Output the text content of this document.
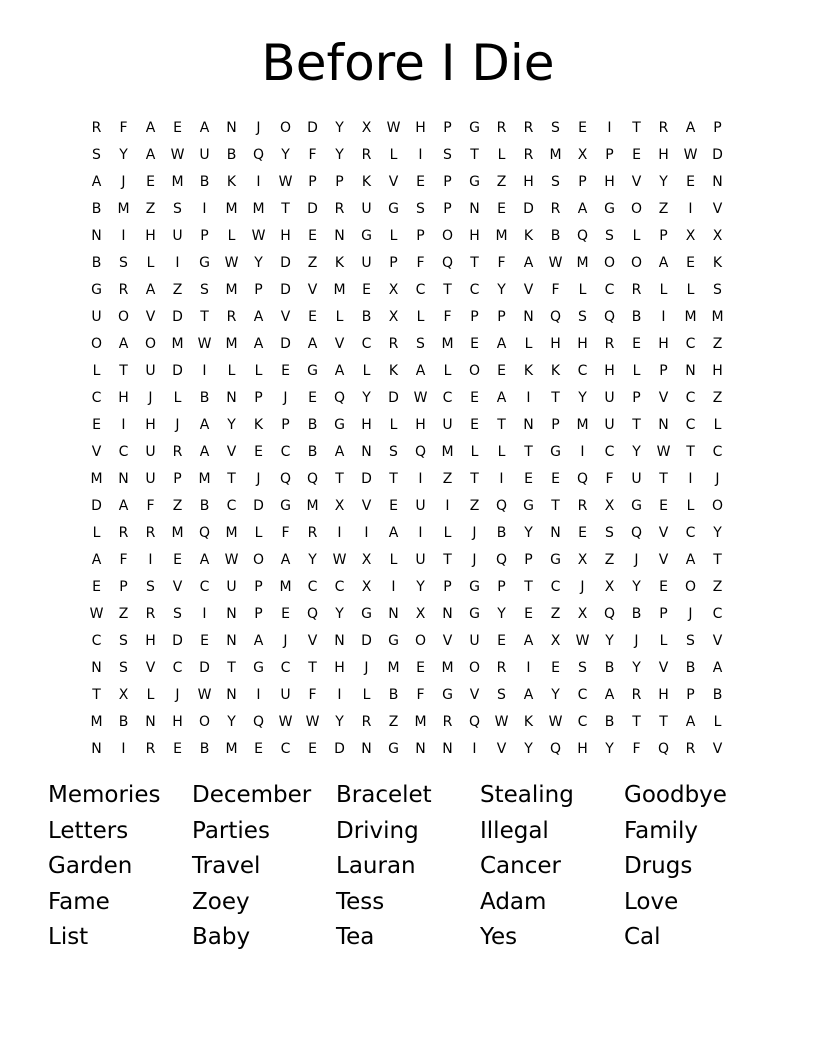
Before I Die
R	F	A	E	A	N	J	O	D	Y	X	W	H	P	G	R	R	S	E	I	T	R	A	P
S	Y	A	W	U	B	Q	Y	F	Y	R	L	I	S	T	L	R	M	X	P	E	H	W	D
A	J	E	M	B	K	I	W	P	P	K	V	E	P	G	Z	H	S	P	H	V	Y	E	N
B	M	Z	S	I	M	M	T	D	R	U	G	S	P	N	E	D	R	A	G	O	Z	I	V
N	I	H	U	P	L	W	H	E	N	G	L	P	O	H	M	K	B	Q	S	L	P	X	X
B	S	L	I	G	W	Y	D	Z	K	U	P	F	Q	T	F	A	W	M	O	O	A	E	K
G	R	A	Z	S	M	P	D	V	M	E	X	C	T	C	Y	V	F	L	C	R	L	L	S
U	O	V	D	T	R	A	V	E	L	B	X	L	F	P	P	N	Q	S	Q	B	I	M	M
O	A	O	M	W	M	A	D	A	V	C	R	S	M	E	A	L	H	H	R	E	H	C	Z
L	T	U	D	I	L	L	E	G	A	L	K	A	L	O	E	K	K	C	H	L	P	N	H
C	H	J	L	B	N	P	J	E	Q	Y	D	W	C	E	A	I	T	Y	U	P	V	C	Z
E	I	H	J	A	Y	K	P	B	G	H	L	H	U	E	T	N	P	M	U	T	N	C	L
V	C	U	R	A	V	E	C	B	A	N	S	Q	M	L	L	T	G	I	C	Y	W	T	C
M	N	U	P	M	T	J	Q	Q	T	D	T	I	Z	T	I	E	E	Q	F	U	T	I	J
D	A	F	Z	B	C	D	G	M	X	V	E	U	I	Z	Q	G	T	R	X	G	E	L	O
L	R	R	M	Q	M	L	F	R	I	I	A	I	L	J	B	Y	N	E	S	Q	V	C	Y
A	F	I	E	A	W	O	A	Y	W	X	L	U	T	J	Q	P	G	X	Z	J	V	A	T
E	P	S	V	C	U	P	M	C	C	X	I	Y	P	G	P	T	C	J	X	Y	E	O	Z
W	Z	R	S	I	N	P	E	Q	Y	G	N	X	N	G	Y	E	Z	X	Q	B	P	J	C
C	S	H	D	E	N	A	J	V	N	D	G	O	V	U	E	A	X	W	Y	J	L	S	V
N	S	V	C	D	T	G	C	T	H	J	M	E	M	O	R	I	E	S	B	Y	V	B	A
T	X	L	J	W	N	I	U	F	I	L	B	F	G	V	S	A	Y	C	A	R	H	P	B
M	B	N	H	O	Y	Q	W W	Y	R	Z	M	R	Q	W	K	W	C	B	T	T	A	L
N	I	R	E	B	M	E	C	E	D	N	G	N	N	I	V	Y	Q	H	Y	F	Q	R	V
Memories	December	Bracelet	Stealing	Goodbye
Letters	Parties	Driving	Illegal	Family
Garden	Travel	Lauran	Cancer	Drugs
Fame	Zoey	Tess	Adam	Love
List	Baby	Tea	Yes	Cal
